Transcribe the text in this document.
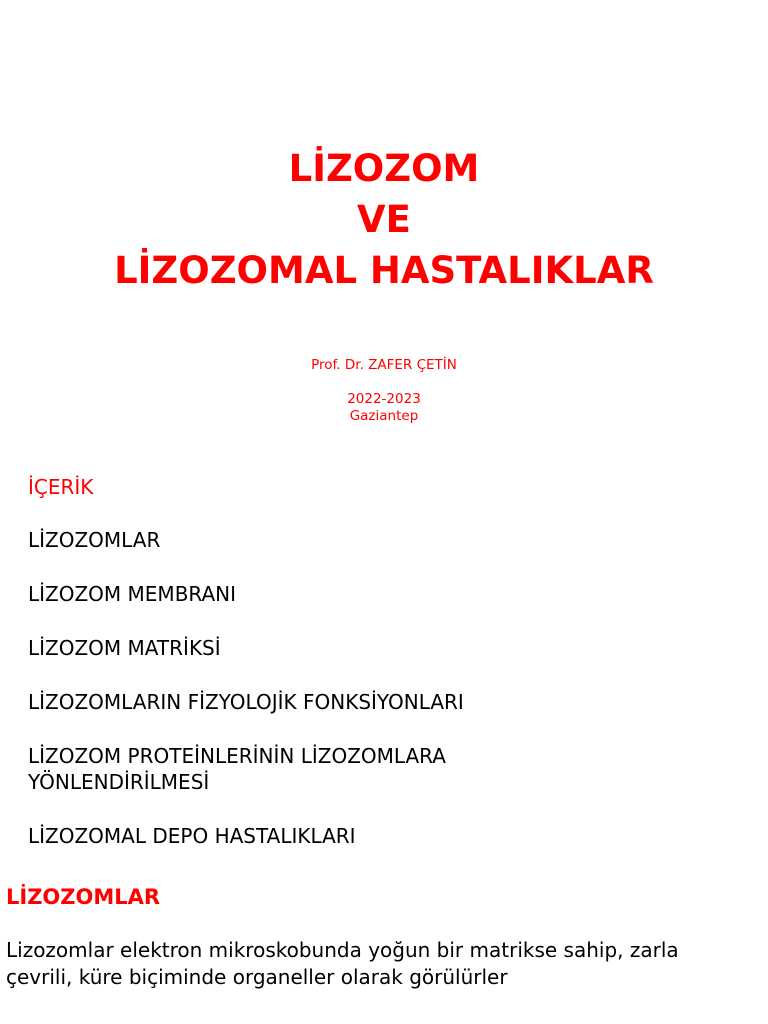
LİZOZOM
VE
LİZOZOMAL HASTALIKLAR
Prof. Dr. ZAFER ÇETİN
2022-2023
Gaziantep
İÇERİK
LİZOZOMLAR
LİZOZOM MEMBRANI
LİZOZOM MATRİKSİ
LİZOZOMLARIN FİZYOLOJİK FONKSİYONLARI
LİZOZOM PROTEİNLERİNİN LİZOZOMLARA
YÖNLENDİRİLMESİ
LİZOZOMAL DEPO HASTALIKLARI
LİZOZOMLAR
Lizozomlar elektron mikroskobunda yoğun bir matrikse sahip, zarla
çevrili, küre biçiminde organeller olarak görülürler
